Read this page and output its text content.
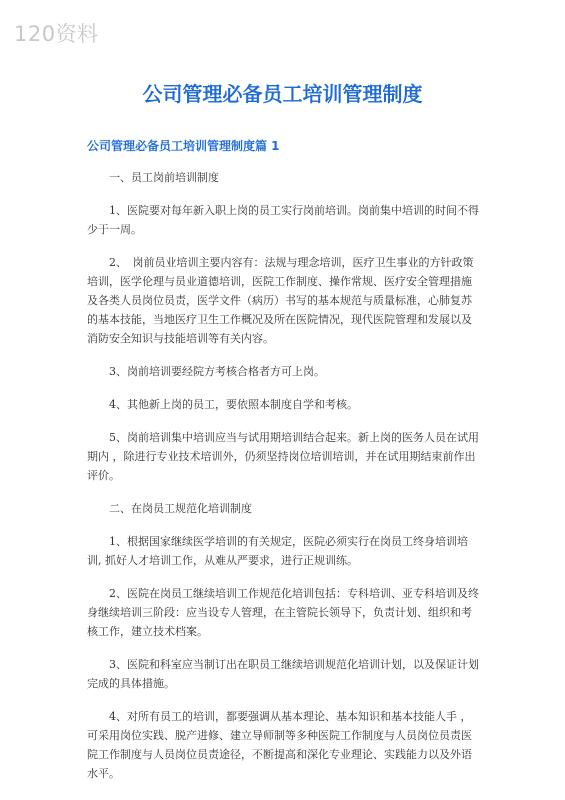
120资料
公司管理必备员工培训管理制度
公司管理必备员工培训管理制度篇 1

一、员工岗前培训制度

1、医院要对每年新入职上岗的员工实行岗前培训。岗前集中培训的时间不得少于一周。

2、　岗前员业培训主要内容有：法规与理念培训，医疗卫生事业的方针政策培训，医学伦理与员业道德培训，医院工作制度、操作常规、医疗安全管理措施及各类人员岗位员责，医学文件（病历）书写的基本规范与质量标准，心肺复苏的基本技能，当地医疗卫生工作概况及所在医院情况，现代医院管理和发展以及消防安全知识与技能培训等有关内容。

3、岗前培训要经院方考核合格者方可上岗。

4、其他新上岗的员工，要依照本制度自学和考核。

5、岗前培训集中培训应当与试用期培训结合起来。新上岗的医务人员在试用期内 ，除进行专业技术培训外，仍须坚持岗位培训培训，并在试用期结束前作出评价。

二、在岗员工规范化培训制度

1、根据国家继续医学培训的有关规定，医院必须实行在岗员工终身培训培训, 抓好人才培训工作，从难从严要求，进行正规训练。

2、医院在岗员工继续培训工作规范化培训包括：专科培训、亚专科培训及终身继续培训三阶段：应当设专人管理，在主管院长领导下，负责计划、组织和考核工作，建立技术档案。

3、医院和科室应当制订出在职员工继续培训规范化培训计划，以及保证计划完成的具体措施。

4、对所有员工的培训，都要强调从基本理论、基本知识和基本技能人手 ，可采用岗位实践、脱产进修、建立导师制等多种医院工作制度与人员岗位员责医院工作制度与人员岗位员责途径，不断提高和深化专业理论、实践能力以及外语水平。
